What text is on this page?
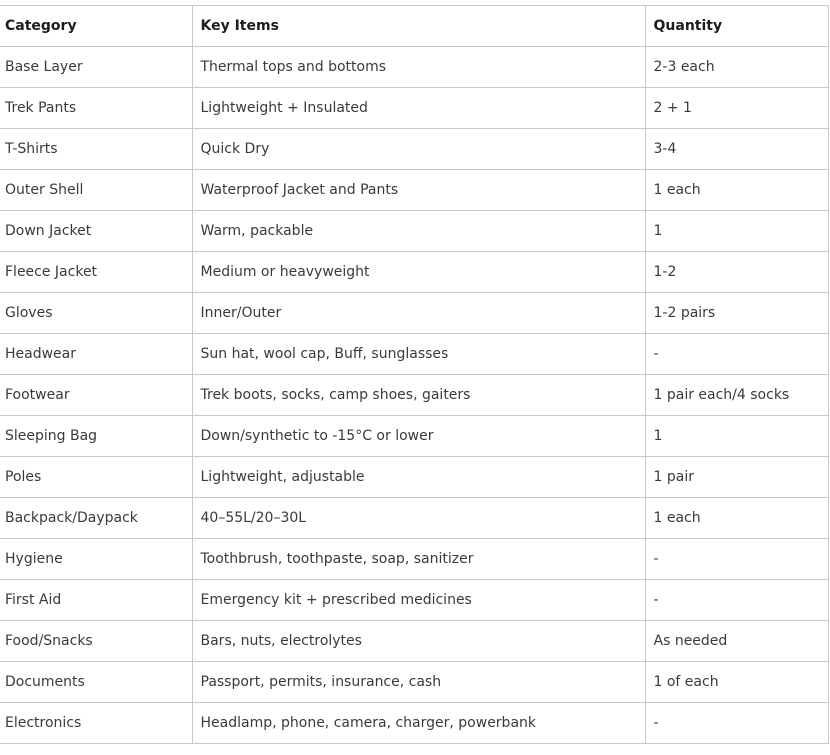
Category	Key Items	Quantity
Base Layer	Thermal tops and bottoms	2-3 each
Trek Pants	Lightweight + Insulated	2 + 1
T-Shirts	Quick Dry	3-4
Outer Shell	Waterproof Jacket and Pants	1 each
Down Jacket	Warm, packable	1
Fleece Jacket	Medium or heavyweight	1-2
Gloves	Inner/Outer	1-2 pairs
Headwear	Sun hat, wool cap, Buff, sunglasses	-
Footwear	Trek boots, socks, camp shoes, gaiters	1 pair each/4 socks
Sleeping Bag	Down/synthetic to -15°C or lower	1
Poles	Lightweight, adjustable	1 pair
Backpack/Daypack	40–55L/20–30L	1 each
Hygiene	Toothbrush, toothpaste, soap, sanitizer	-
First Aid	Emergency kit + prescribed medicines	-
Food/Snacks	Bars, nuts, electrolytes	As needed
Documents	Passport, permits, insurance, cash	1 of each
Electronics	Headlamp, phone, camera, charger, powerbank	-
